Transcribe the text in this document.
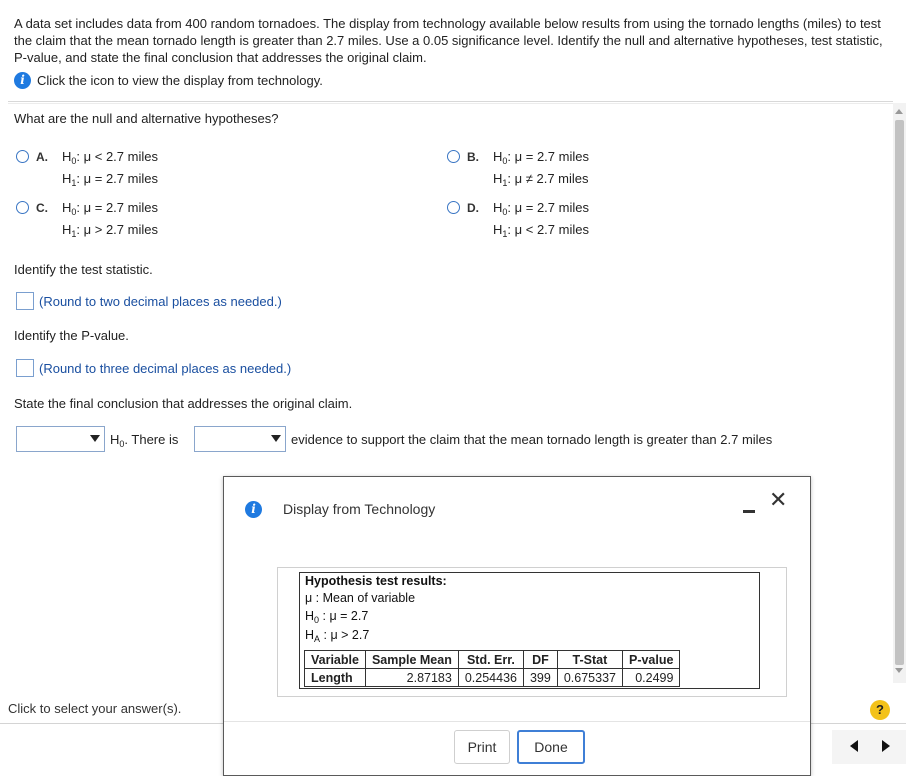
A data set includes data from 400 random tornadoes. The display from technology available below results from using the tornado lengths (miles) to test the claim that the mean tornado length is greater than 2.7 miles. Use a 0.05 significance level. Identify the null and alternative hypotheses, test statistic, P-value, and state the final conclusion that addresses the original claim.
i Click the icon to view the display from technology.
What are the null and alternative hypotheses?
A. $H_0$: μ < 2.7 miles
$H_1$: μ = 2.7 miles
B. $H_0$: μ = 2.7 miles
$H_1$: μ ≠ 2.7 miles
C. $H_0$: μ = 2.7 miles
$H_1$: μ > 2.7 miles
D. $H_0$: μ = 2.7 miles
$H_1$: μ < 2.7 miles
Identify the test statistic.
(Round to two decimal places as needed.)
Identify the P-value.
(Round to three decimal places as needed.)
State the final conclusion that addresses the original claim.
$H_0$. There is	evidence to support the claim that the mean tornado length is greater than 2.7 miles
Click to select your answer(s).	?
i	Display from Technology	✕
Hypothesis test results:
μ : Mean of variable
$H_0$ : μ = 2.7
$H_A$ : μ > 2.7
Variable	Sample Mean	Std. Err.	DF	T-Stat	P-value
Length	2.87183	0.254436	399	0.675337	0.2499
Print	Done
